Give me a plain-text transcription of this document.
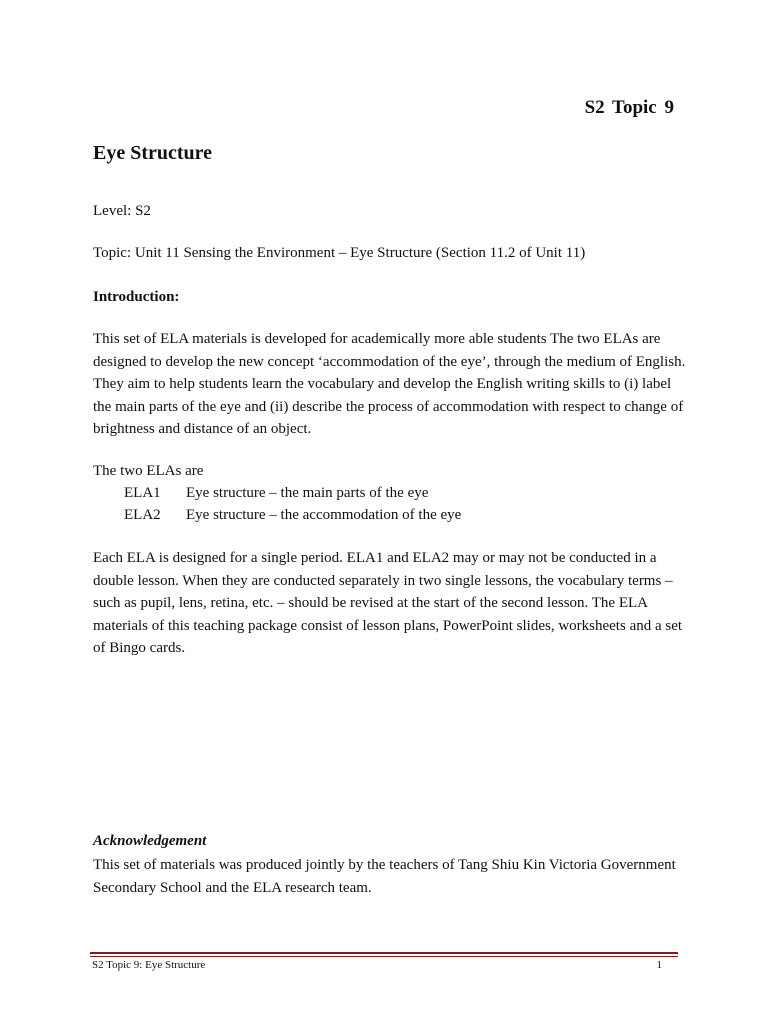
S2 Topic 9
Eye Structure

Level: S2

Topic: Unit 11 Sensing the Environment – Eye Structure (Section 11.2 of Unit 11)

Introduction:

This set of ELA materials is developed for academically more able students The two ELAs are designed to develop the new concept ‘accommodation of the eye’, through the medium of English. They aim to help students learn the vocabulary and develop the English writing skills to (i) label the main parts of the eye and (ii) describe the process of accommodation with respect to change of brightness and distance of an object.

The two ELAs are

ELA1	Eye structure – the main parts of the eye
ELA2	Eye structure – the accommodation of the eye

Each ELA is designed for a single period. ELA1 and ELA2 may or may not be conducted in a double lesson. When they are conducted separately in two single lessons, the vocabulary terms – such as pupil, lens, retina, etc. – should be revised at the start of the second lesson. The ELA materials of this teaching package consist of lesson plans, PowerPoint slides, worksheets and a set of Bingo cards.

Acknowledgement

This set of materials was produced jointly by the teachers of Tang Shiu Kin Victoria Government Secondary School and the ELA research team.

S2 Topic 9: Eye Structure	1
